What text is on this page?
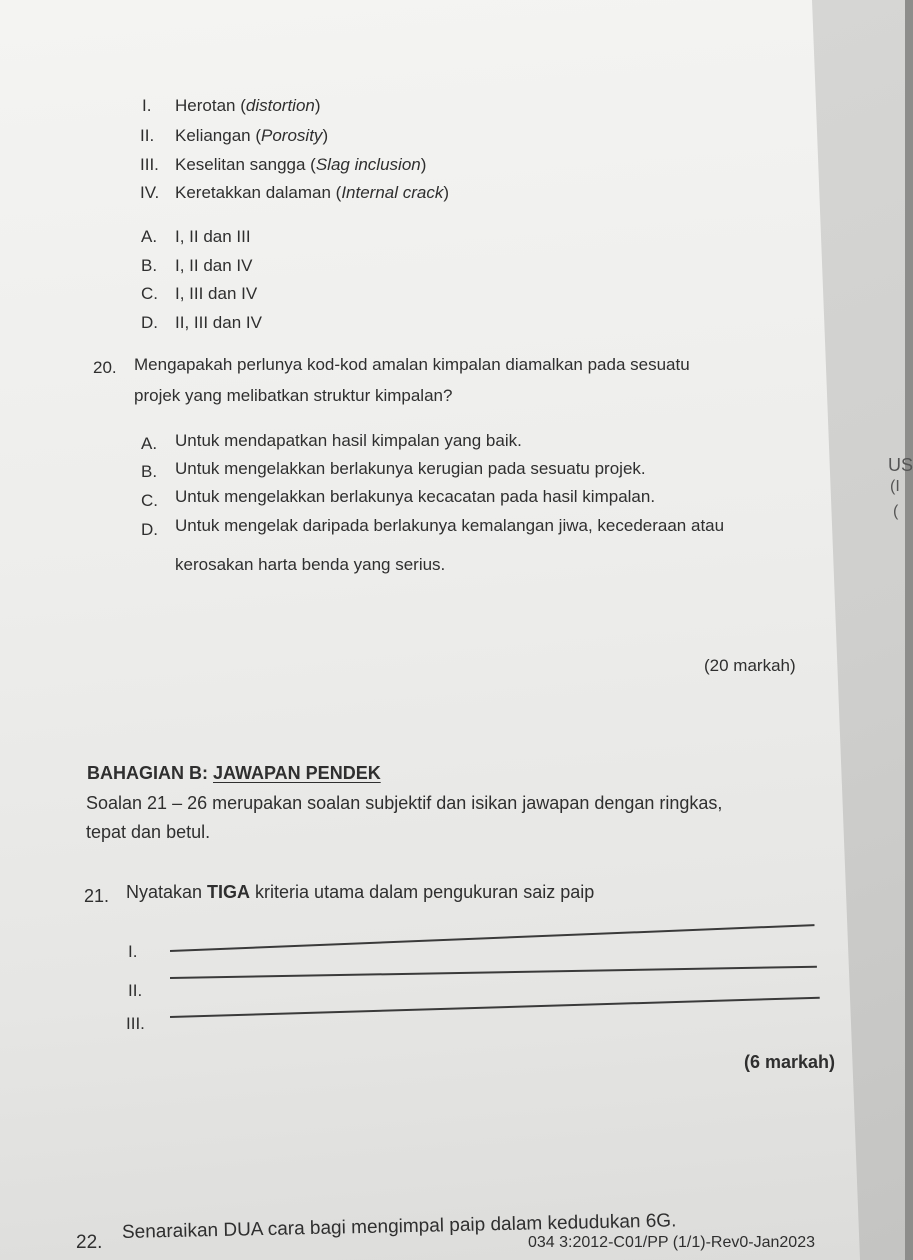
I. Herotan (distortion)
II. Keliangan (Porosity)
III. Keselitan sangga (Slag inclusion)
IV. Keretakkan dalaman (Internal crack)
A. I, II dan III
B. I, II dan IV
C. I, III dan IV
D. II, III dan IV
20. Mengapakah perlunya kod-kod amalan kimpalan diamalkan pada sesuatu
projek yang melibatkan struktur kimpalan?
A. Untuk mendapatkan hasil kimpalan yang baik.
B. Untuk mengelakkan berlakunya kerugian pada sesuatu projek.
C. Untuk mengelakkan berlakunya kecacatan pada hasil kimpalan.
D. Untuk mengelak daripada berlakunya kemalangan jiwa, kecederaan atau
kerosakan harta benda yang serius.
(20 markah)
BAHAGIAN B: JAWAPAN PENDEK
Soalan 21 – 26 merupakan soalan subjektif dan isikan jawapan dengan ringkas,
tepat dan betul.
21. Nyatakan TIGA kriteria utama dalam pengukuran saiz paip
I.
II.
III.
(6 markah)
22. Senaraikan DUA cara bagi mengimpal paip dalam kedudukan 6G.
034 3:2012-C01/PP (1/1)-Rev0-Jan2023
US
(I
(
